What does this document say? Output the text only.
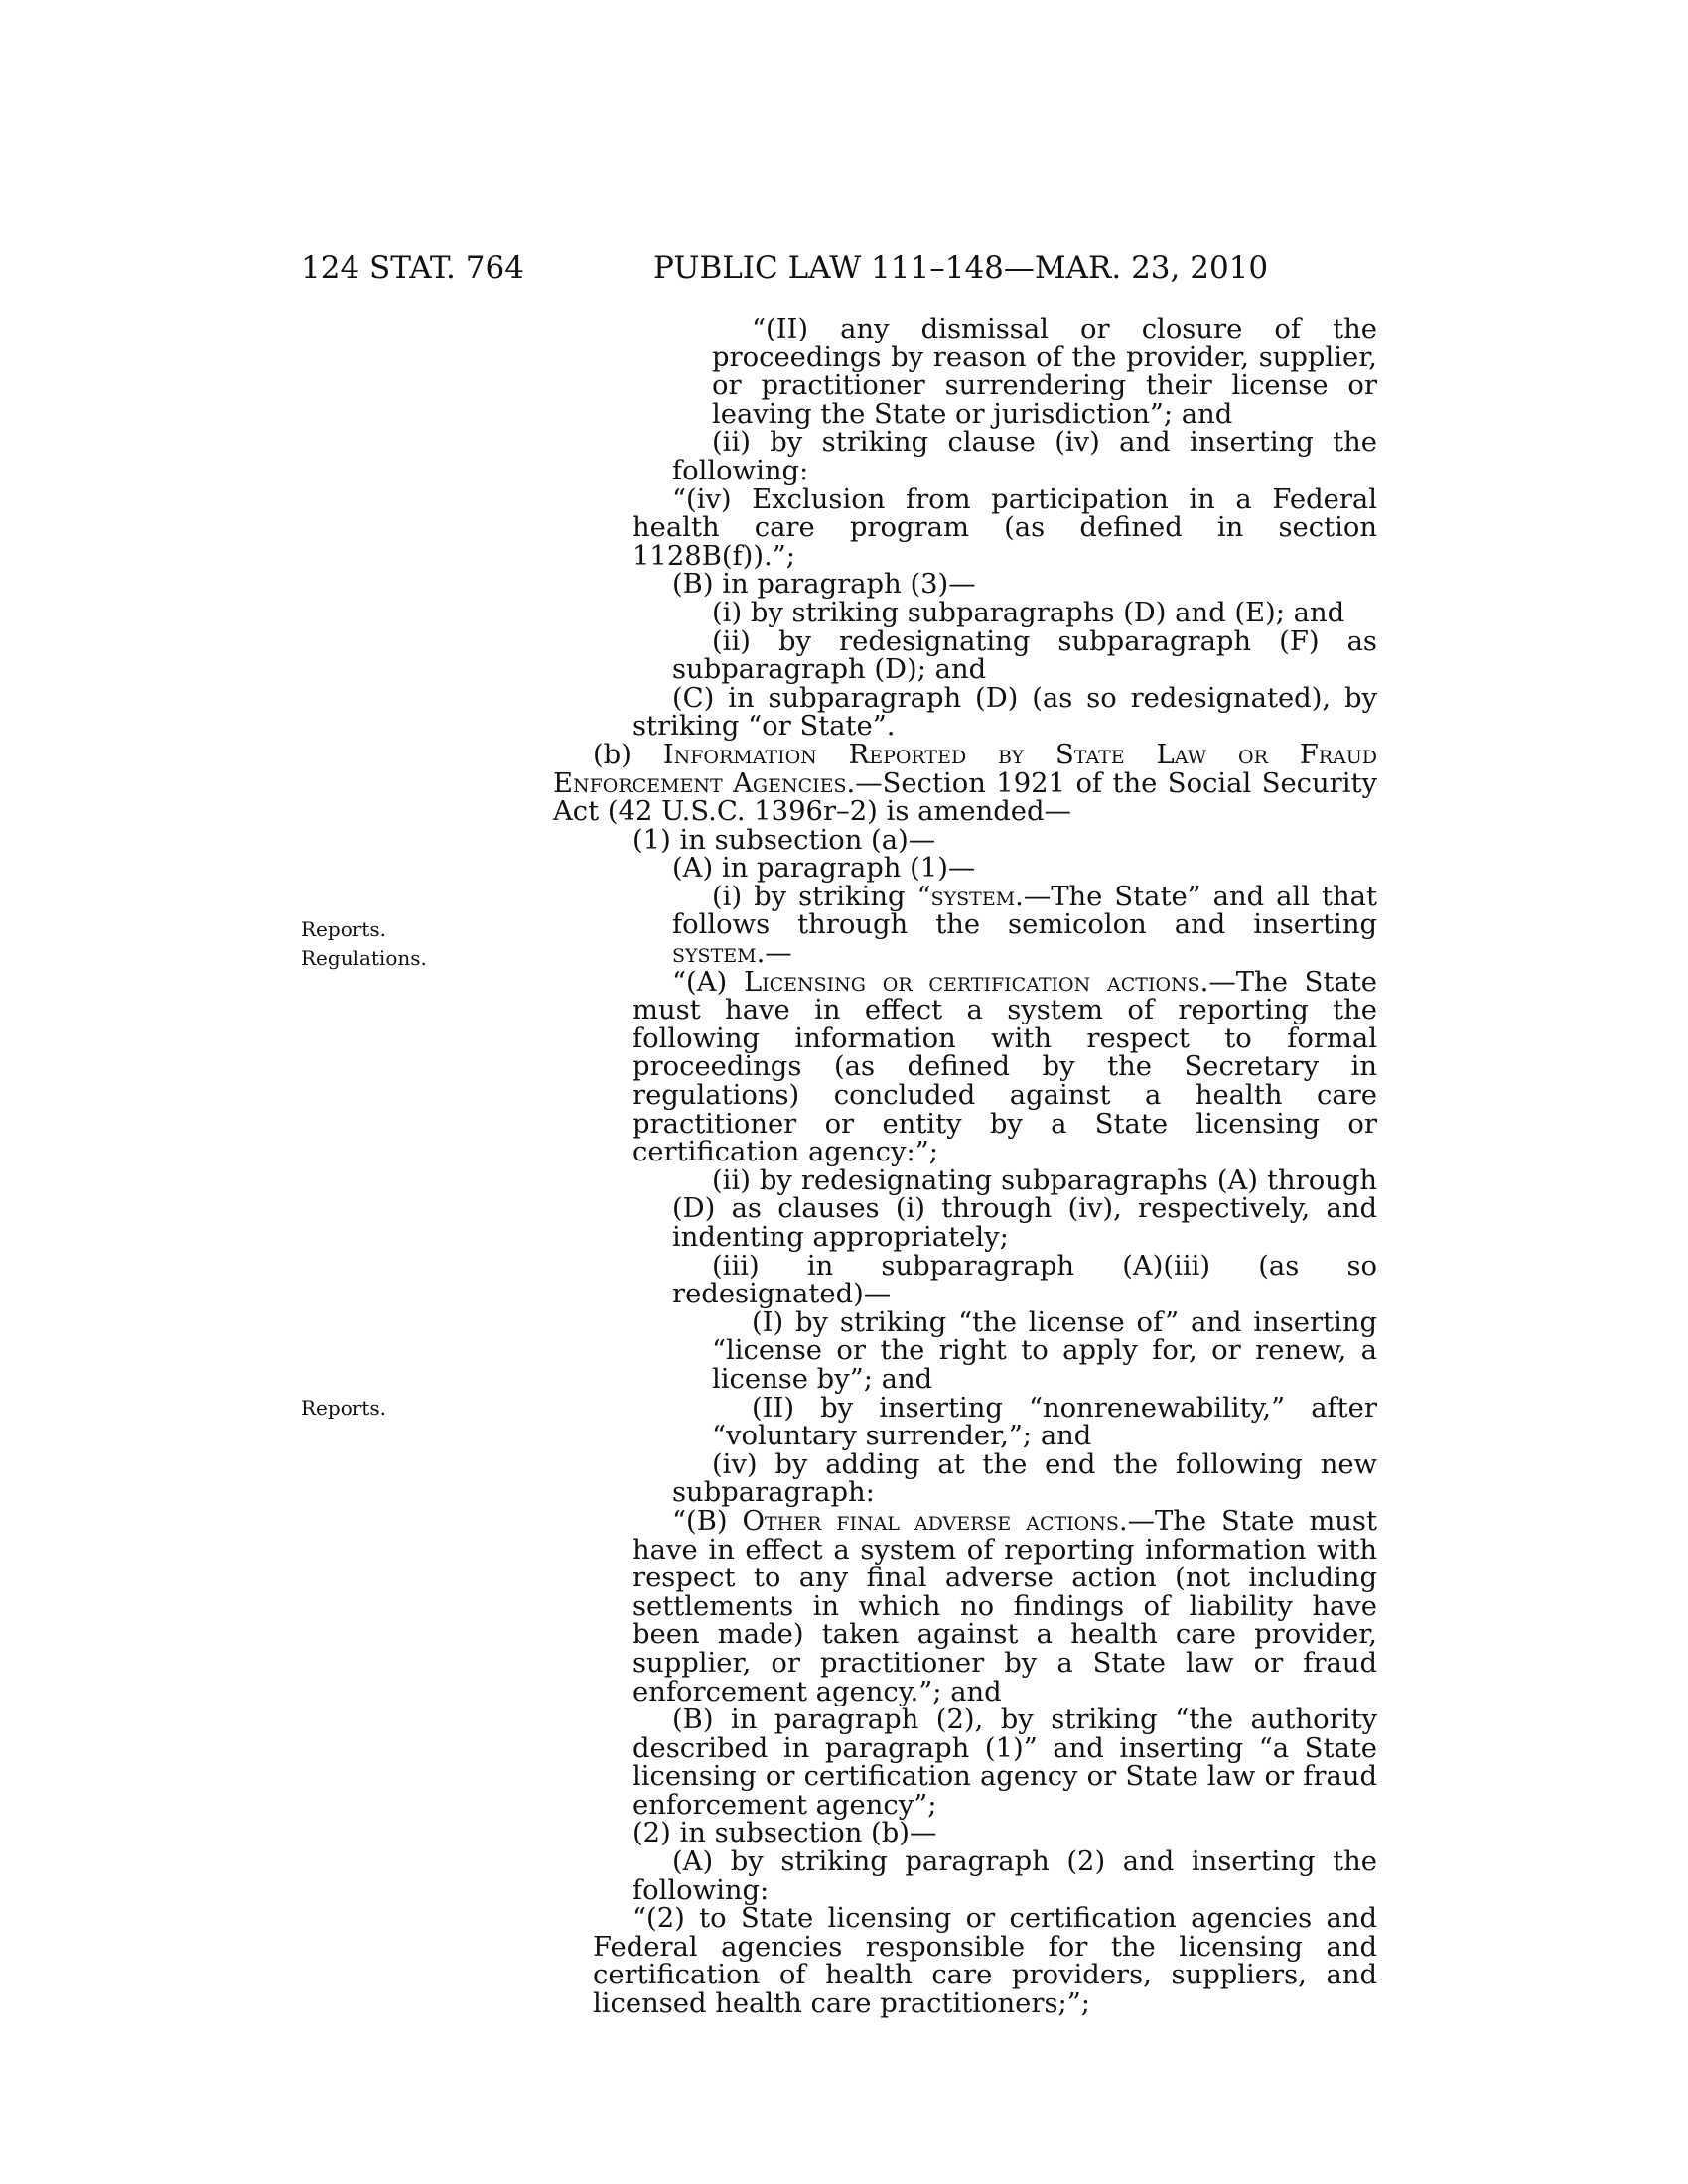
124 STAT. 764	PUBLIC LAW 111–148—MAR. 23, 2010
Reports.
Regulations.
Reports.

“(II) any dismissal or closure of the proceedings by reason of the provider, supplier, or practitioner surrendering their license or leaving the State or jurisdiction”; and

(ii) by striking clause (iv) and inserting the following:

“(iv) Exclusion from participation in a Federal health care program (as defined in section 1128B(f)).”;

(B) in paragraph (3)—

(i) by striking subparagraphs (D) and (E); and

(ii) by redesignating subparagraph (F) as subparagraph (D); and

(C) in subparagraph (D) (as so redesignated), by striking “or State”.

(b) Information Reported by State Law or Fraud Enforcement Agencies.—Section 1921 of the Social Security Act (42 U.S.C. 1396r–2) is amended—

(1) in subsection (a)—

(A) in paragraph (1)—

(i) by striking “system.—The State” and all that follows through the semicolon and inserting system.—

“(A) Licensing or certification actions.—The State must have in effect a system of reporting the following information with respect to formal proceedings (as defined by the Secretary in regulations) concluded against a health care practitioner or entity by a State licensing or certification agency:”;

(ii) by redesignating subparagraphs (A) through (D) as clauses (i) through (iv), respectively, and indenting appropriately;

(iii) in subparagraph (A)(iii) (as so redesignated)—

(I) by striking “the license of” and inserting “license or the right to apply for, or renew, a license by”; and

(II) by inserting “nonrenewability,” after “voluntary surrender,”; and

(iv) by adding at the end the following new subparagraph:

“(B) Other final adverse actions.—The State must have in effect a system of reporting information with respect to any final adverse action (not including settlements in which no findings of liability have been made) taken against a health care provider, supplier, or practitioner by a State law or fraud enforcement agency.”; and

(B) in paragraph (2), by striking “the authority described in paragraph (1)” and inserting “a State licensing or certification agency or State law or fraud enforcement agency”;

(2) in subsection (b)—

(A) by striking paragraph (2) and inserting the following:

“(2) to State licensing or certification agencies and Federal agencies responsible for the licensing and certification of health care providers, suppliers, and licensed health care practitioners;”;
